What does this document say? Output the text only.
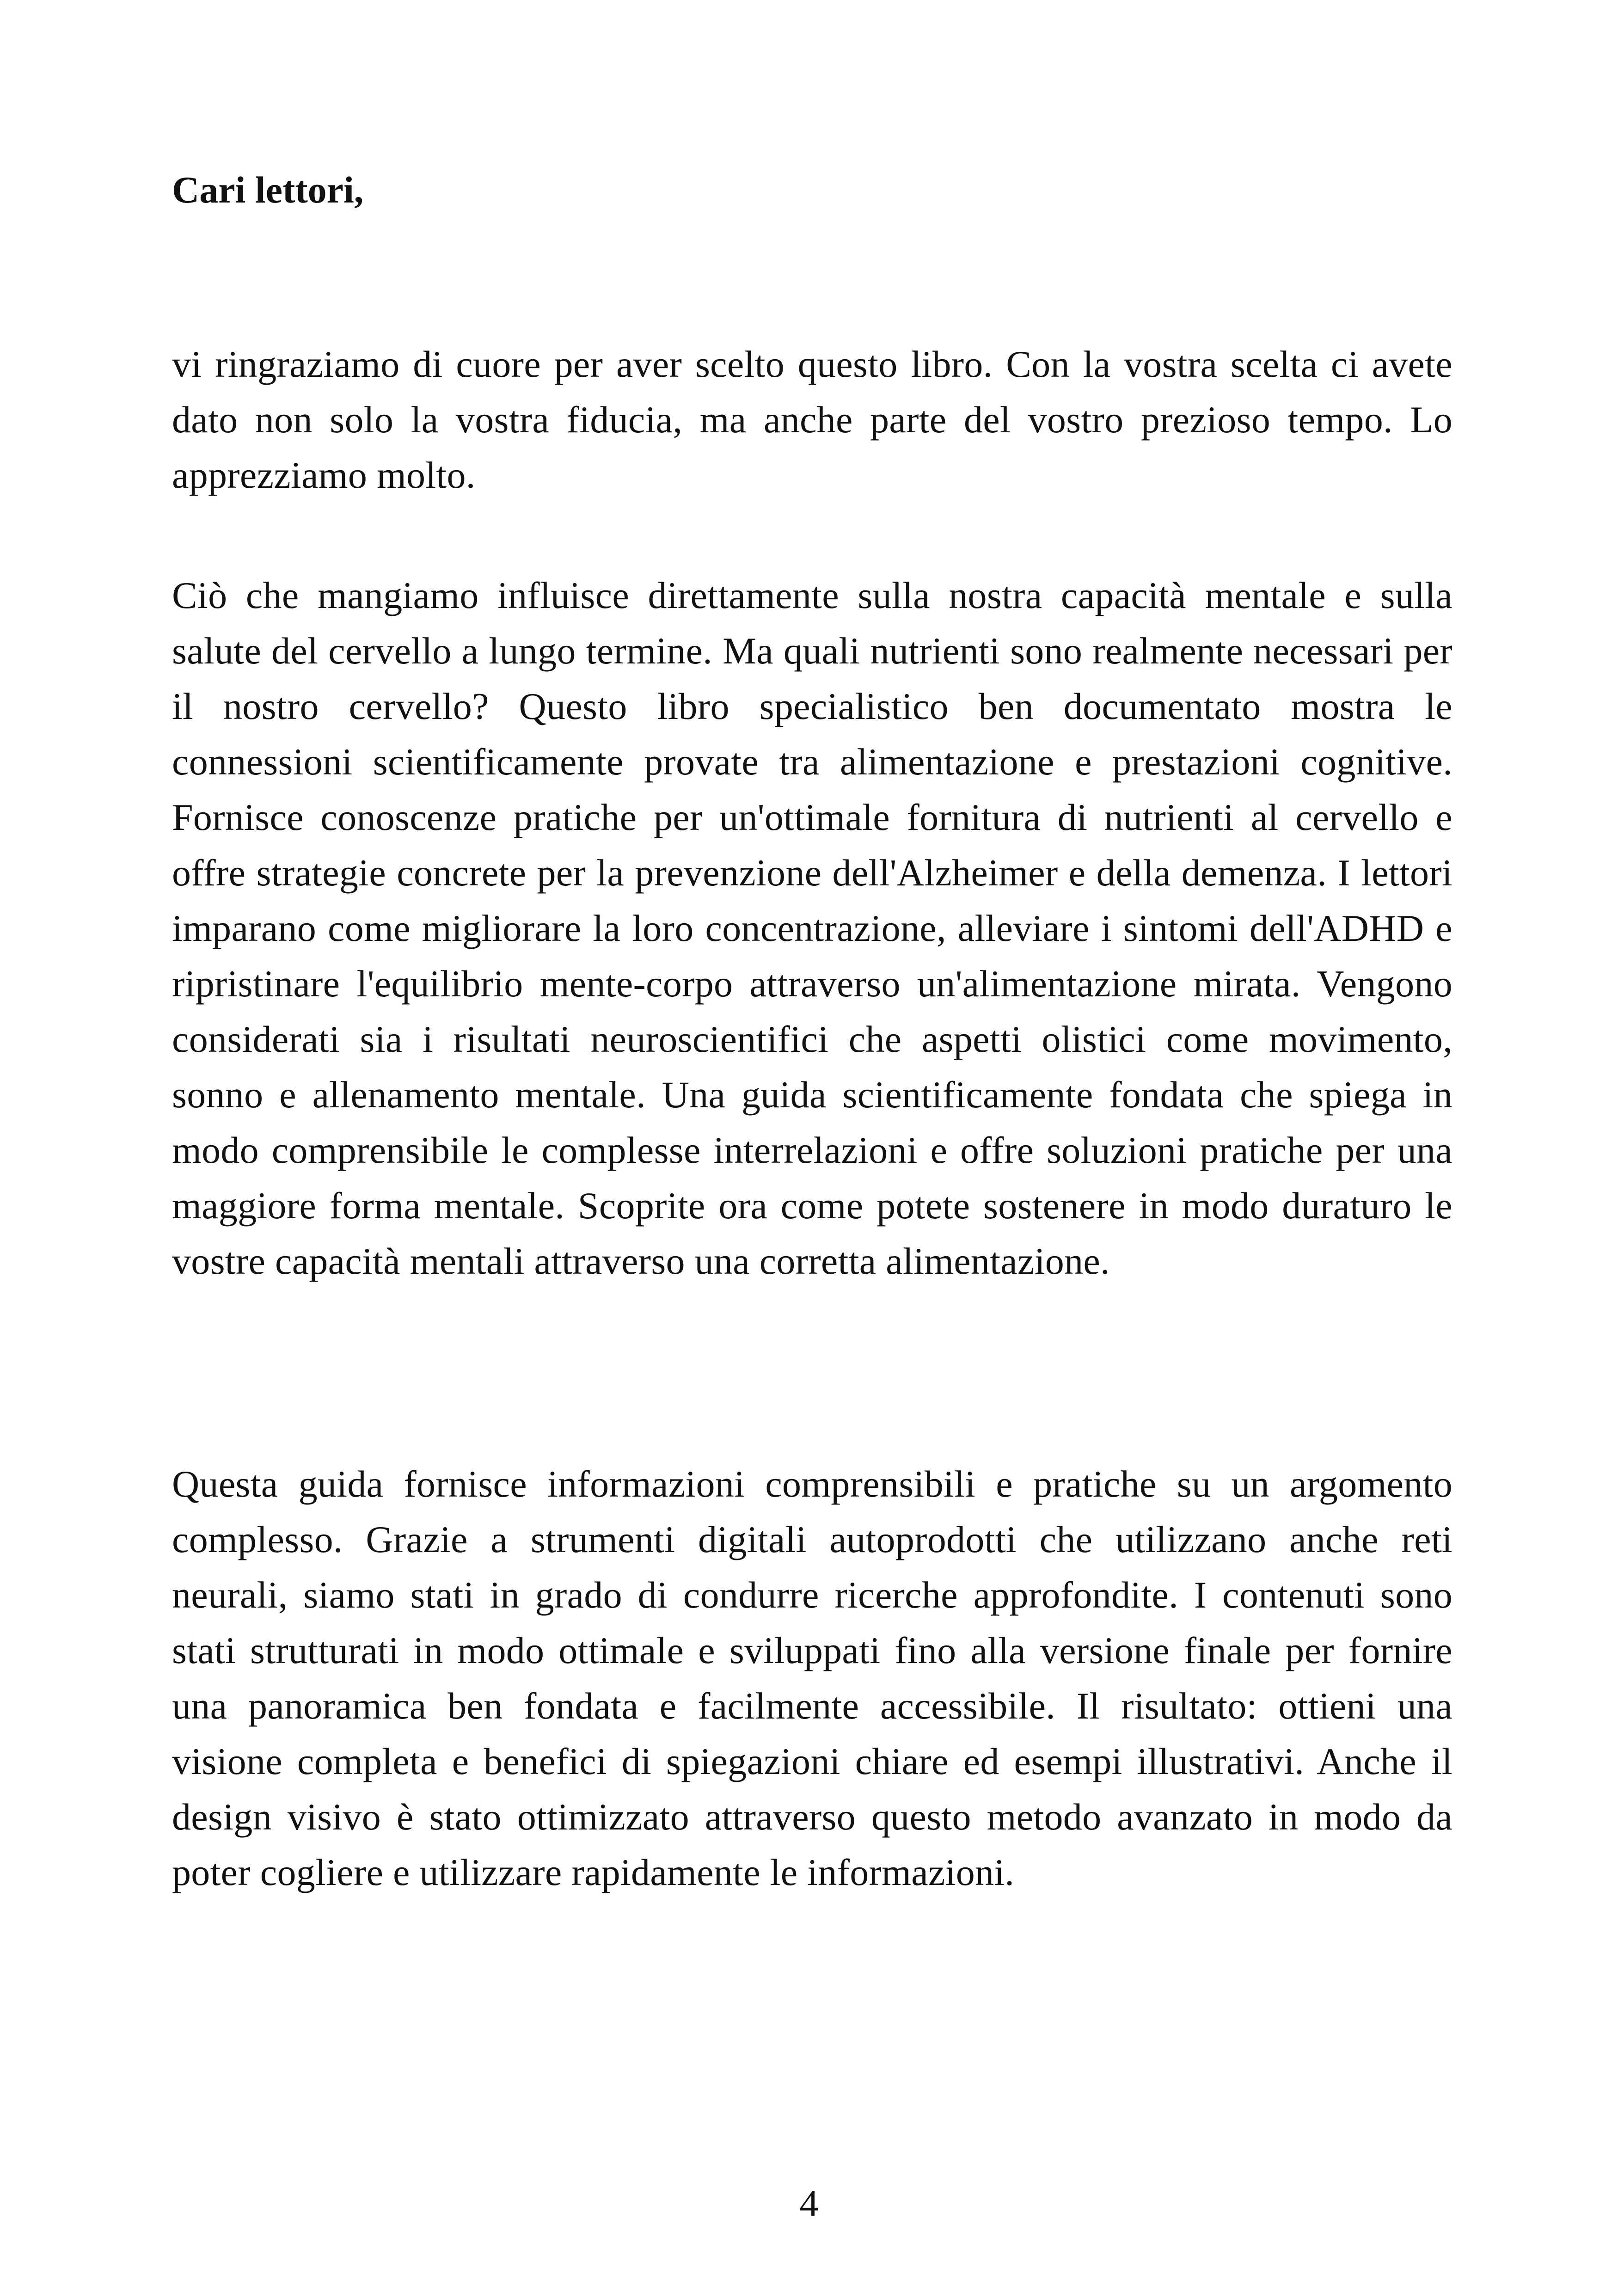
Cari lettori,

vi ringraziamo di cuore per aver scelto questo libro. Con la vostra scelta ci avete dato non solo la vostra fiducia, ma anche parte del vostro prezioso tempo. Lo apprezziamo molto.

Ciò che mangiamo influisce direttamente sulla nostra capacità mentale e sulla salute del cervello a lungo termine. Ma quali nutrienti sono realmente necessari per il nostro cervello? Questo libro specialistico ben documentato mostra le connessioni scientificamente provate tra alimentazione e prestazioni cognitive. Fornisce conoscenze pratiche per un'ottimale fornitura di nutrienti al cervello e offre strategie concrete per la prevenzione dell'Alzheimer e della demenza. I lettori imparano come migliorare la loro concentrazione, alleviare i sintomi dell'ADHD e ripristinare l'equilibrio mente-corpo attraverso un'alimentazione mirata. Vengono considerati sia i risultati neuroscientifici che aspetti olistici come movimento, sonno e allenamento mentale. Una guida scientificamente fondata che spiega in modo comprensibile le complesse interrelazioni e offre soluzioni pratiche per una maggiore forma mentale. Scoprite ora come potete sostenere in modo duraturo le vostre capacità mentali attraverso una corretta alimentazione.

Questa guida fornisce informazioni comprensibili e pratiche su un argomento complesso. Grazie a strumenti digitali autoprodotti che utilizzano anche reti neurali, siamo stati in grado di condurre ricerche approfondite. I contenuti sono stati strutturati in modo ottimale e sviluppati fino alla versione finale per fornire una panoramica ben fondata e facilmente accessibile. Il risultato: ottieni una visione completa e benefici di spiegazioni chiare ed esempi illustrativi. Anche il design visivo è stato ottimizzato attraverso questo metodo avanzato in modo da poter cogliere e utilizzare rapidamente le informazioni.

4
